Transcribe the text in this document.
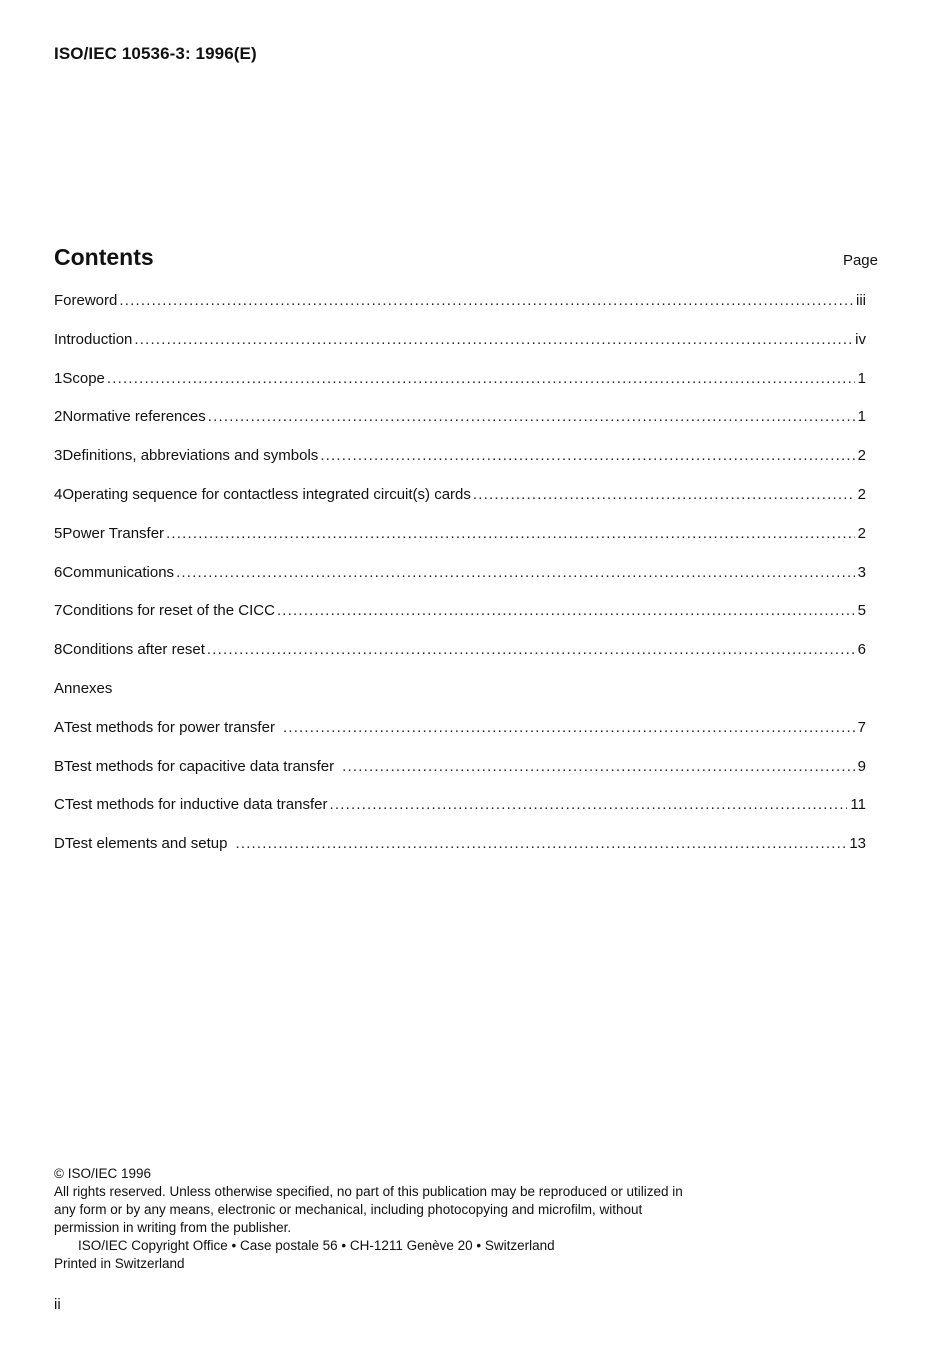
ISO/IEC 10536-3: 1996(E)
Contents	Page
Foreword .....	iii
Introduction .....	iv
1 Scope .....	1
2 Normative references .....	1
3 Definitions, abbreviations and symbols .....	2
4 Operating sequence for contactless integrated circuit(s) cards .....	2
5 Power Transfer .....	2
6 Communications .....	3
7 Conditions for reset of the CICC .....	5
8 Conditions after reset .....	6
Annexes
A Test methods for power transfer .....	7
B Test methods for capacitive data transfer .....	9
C Test methods for inductive data transfer .....	11
D Test elements and setup .....	13

© ISO/IEC 1996

All rights reserved. Unless otherwise specified, no part of this publication may be reproduced or utilized in any form or by any means, electronic or mechanical, including photocopying and microfilm, without permission in writing from the publisher.

ISO/IEC Copyright Office • Case postale 56 • CH-1211 Genève 20 • Switzerland

Printed in Switzerland

ii
